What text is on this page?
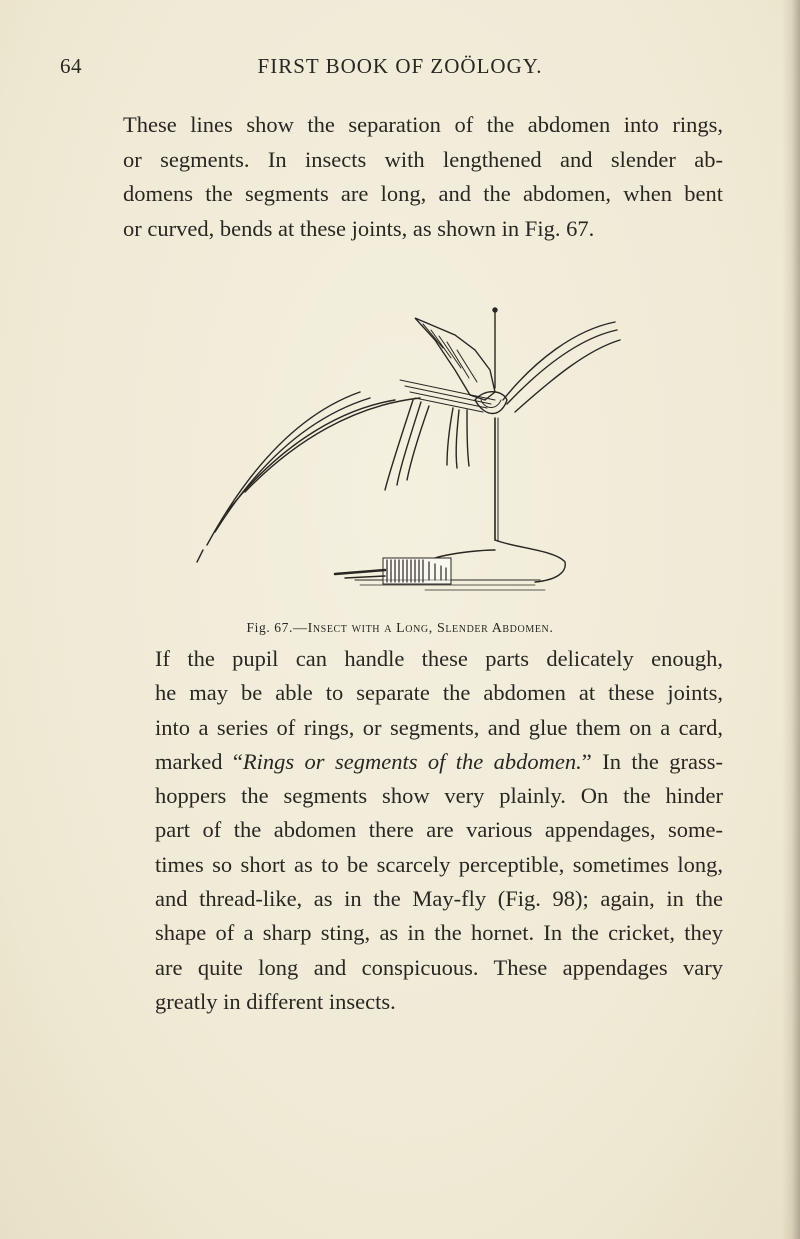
64	FIRST BOOK OF ZOÖLOGY.

These lines show the separation of the abdomen into rings,
or segments. In insects with lengthened and slender ab-
domens the segments are long, and the abdomen, when bent
or curved, bends at these joints, as shown in Fig. 67.

Fig. 67.—Insect with a Long, Slender Abdomen.

If the pupil can handle these parts delicately enough,
he may be able to separate the abdomen at these joints,
into a series of rings, or segments, and glue them on a card,
marked “Rings or segments of the abdomen.” In the grass-
hoppers the segments show very plainly. On the hinder
part of the abdomen there are various appendages, some-
times so short as to be scarcely perceptible, sometimes long,
and thread-like, as in the May-fly (Fig. 98); again, in the
shape of a sharp sting, as in the hornet. In the cricket, they
are quite long and conspicuous. These appendages vary
greatly in different insects.
